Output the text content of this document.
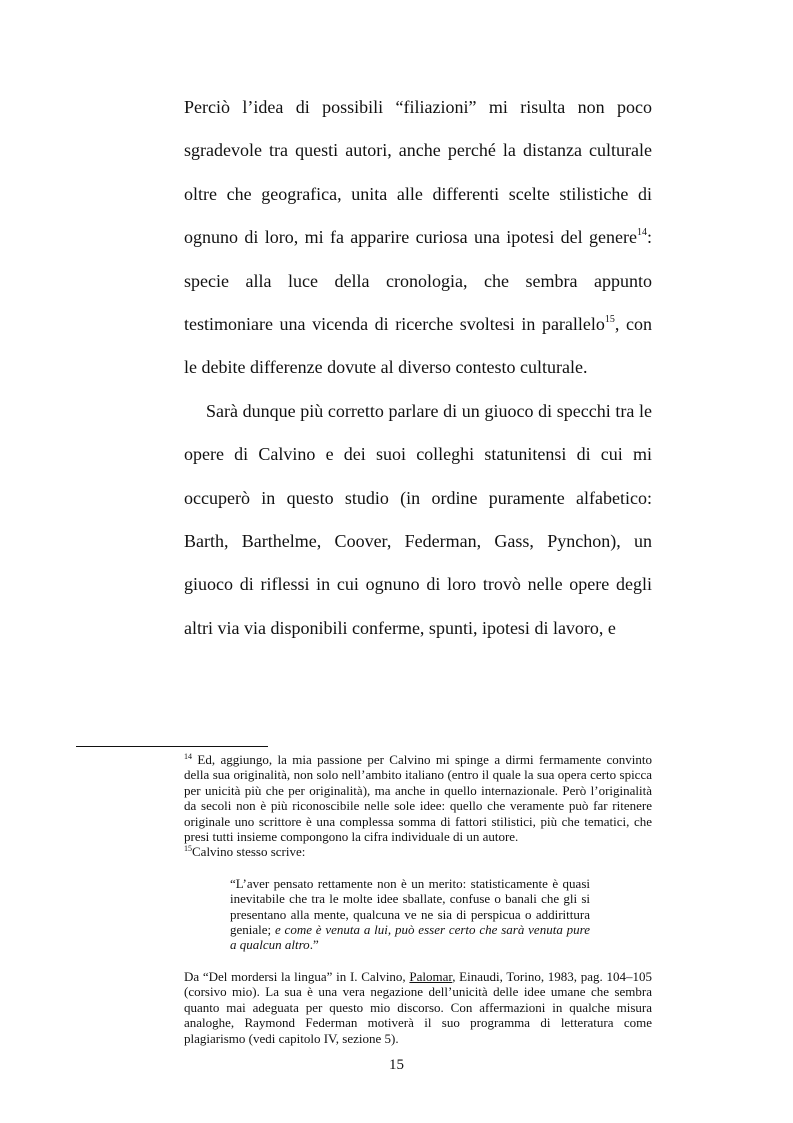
Perciò l’idea di possibili “filiazioni” mi risulta non poco sgradevole tra questi autori, anche perché la distanza culturale oltre che geografica, unita alle differenti scelte stilistiche di ognuno di loro, mi fa apparire curiosa una ipotesi del genere$^{14}$: specie alla luce della cronologia, che sembra appunto testimoniare una vicenda di ricerche svoltesi in parallelo$^{15}$, con le debite differenze dovute al diverso contesto culturale.

Sarà dunque più corretto parlare di un giuoco di specchi tra le opere di Calvino e dei suoi colleghi statunitensi di cui mi occuperò in questo studio (in ordine puramente alfabetico: Barth, Barthelme, Coover, Federman, Gass, Pynchon), un giuoco di riflessi in cui ognuno di loro trovò nelle opere degli altri via via disponibili conferme, spunti, ipotesi di lavoro, e

$^{14}$ Ed, aggiungo, la mia passione per Calvino mi spinge a dirmi fermamente convinto della sua originalità, non solo nell’ambito italiano (entro il quale la sua opera certo spicca per unicità più che per originalità), ma anche in quello internazionale. Però l’originalità da secoli non è più riconoscibile nelle sole idee: quello che veramente può far ritenere originale uno scrittore è una complessa somma di fattori stilistici, più che tematici, che presi tutti insieme compongono la cifra individuale di un autore.

$^{15}$Calvino stesso scrive:

“L’aver pensato rettamente non è un merito: statisticamente è quasi inevitabile che tra le molte idee sballate, confuse o banali che gli si presentano alla mente, qualcuna ve ne sia di perspicua o addirittura geniale; e come è venuta a lui, può esser certo che sarà venuta pure a qualcun altro.”

Da “Del mordersi la lingua” in I. Calvino, Palomar, Einaudi, Torino, 1983, pag. 104–105 (corsivo mio). La sua è una vera negazione dell’unicità delle idee umane che sembra quanto mai adeguata per questo mio discorso. Con affermazioni in qualche misura analoghe, Raymond Federman motiverà il suo programma di letteratura come plagiarismo (vedi capitolo IV, sezione 5).

15
